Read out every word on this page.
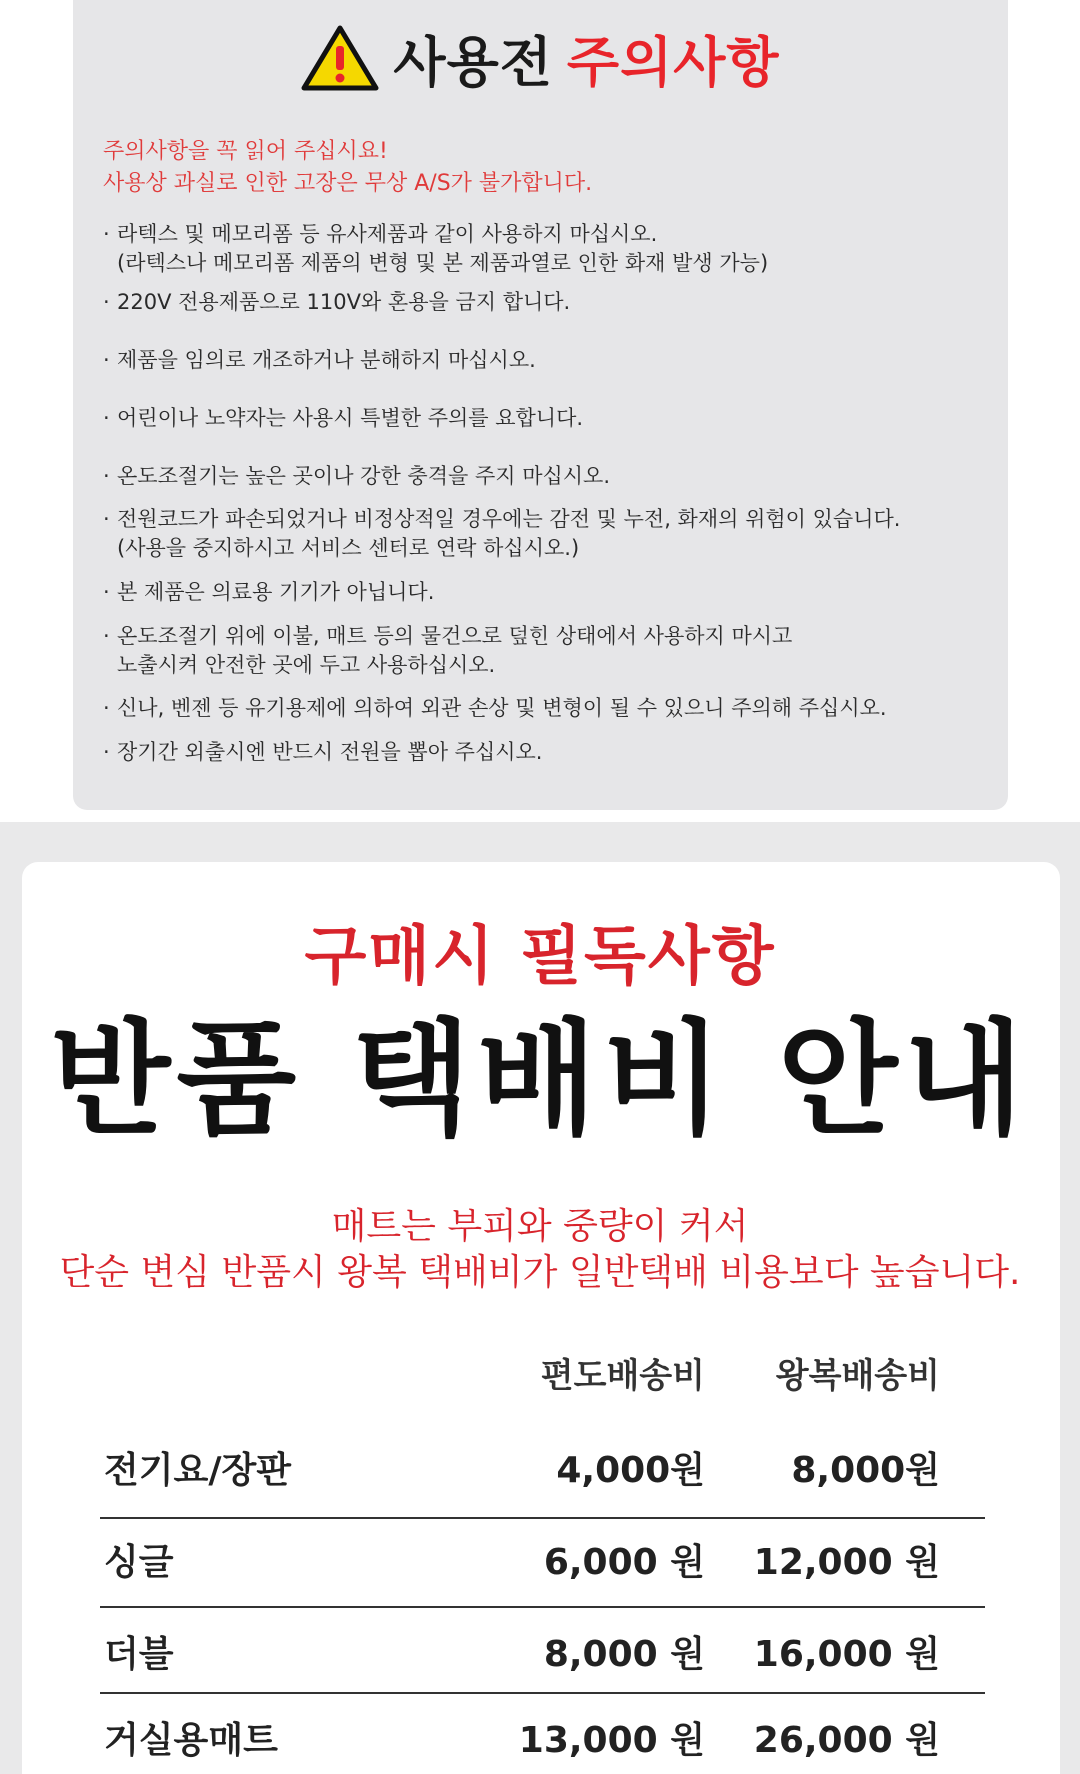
사용전 주의사항
주의사항을 꼭 읽어 주십시요!
사용상 과실로 인한 고장은 무상 A/S가 불가합니다.
· 라텍스 및 메모리폼 등 유사제품과 같이 사용하지 마십시오.
(라텍스나 메모리폼 제품의 변형 및 본 제품과열로 인한 화재 발생 가능)
· 220V 전용제품으로 110V와 혼용을 금지 합니다.
· 제품을 임의로 개조하거나 분해하지 마십시오.
· 어린이나 노약자는 사용시 특별한 주의를 요합니다.
· 온도조절기는 높은 곳이나 강한 충격을 주지 마십시오.
· 전원코드가 파손되었거나 비정상적일 경우에는 감전 및 누전, 화재의 위험이 있습니다.
(사용을 중지하시고 서비스 센터로 연락 하십시오.)
· 본 제품은 의료용 기기가 아닙니다.
· 온도조절기 위에 이불, 매트 등의 물건으로 덮힌 상태에서 사용하지 마시고
노출시켜 안전한 곳에 두고 사용하십시오.
· 신나, 벤젠 등 유기용제에 의하여 외관 손상 및 변형이 될 수 있으니 주의해 주십시오.
· 장기간 외출시엔 반드시 전원을 뽑아 주십시오.
구매시 필독사항
반품 택배비 안내
매트는 부피와 중량이 커서
단순 변심 반품시 왕복 택배비가 일반택배 비용보다 높습니다.
편도배송비 왕복배송비
전기요/장판	4,000원 8,000원
싱글	6,000 원 12,000 원
더블	8,000 원 16,000 원
거실용매트	13,000 원 26,000 원
